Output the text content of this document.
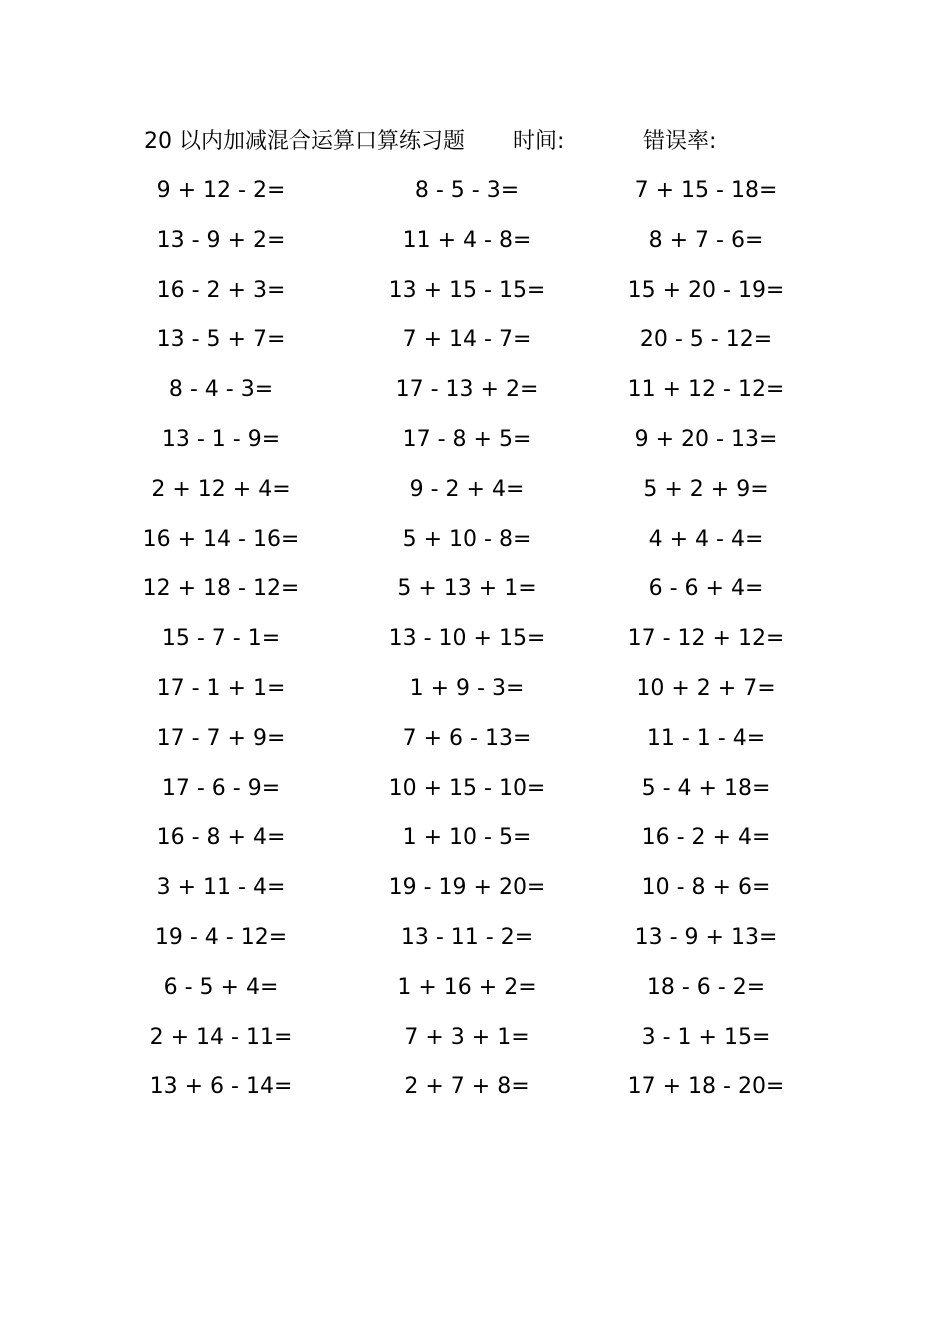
20 以内加减混合运算口算练习题 时间:	错误率:
9 + 12 - 2=	8 - 5 - 3=	7 + 15 - 18=
13 - 9 + 2=	11 + 4 - 8=	8 + 7 - 6=
16 - 2 + 3=	13 + 15 - 15=	15 + 20 - 19=
13 - 5 + 7=	7 + 14 - 7=	20 - 5 - 12=
8 - 4 - 3=	17 - 13 + 2=	11 + 12 - 12=
13 - 1 - 9=	17 - 8 + 5=	9 + 20 - 13=
2 + 12 + 4=	9 - 2 + 4=	5 + 2 + 9=
16 + 14 - 16=	5 + 10 - 8=	4 + 4 - 4=
12 + 18 - 12=	5 + 13 + 1=	6 - 6 + 4=
15 - 7 - 1=	13 - 10 + 15=	17 - 12 + 12=
17 - 1 + 1=	1 + 9 - 3=	10 + 2 + 7=
17 - 7 + 9=	7 + 6 - 13=	11 - 1 - 4=
17 - 6 - 9=	10 + 15 - 10=	5 - 4 + 18=
16 - 8 + 4=	1 + 10 - 5=	16 - 2 + 4=
3 + 11 - 4=	19 - 19 + 20=	10 - 8 + 6=
19 - 4 - 12=	13 - 11 - 2=	13 - 9 + 13=
6 - 5 + 4=	1 + 16 + 2=	18 - 6 - 2=
2 + 14 - 11=	7 + 3 + 1=	3 - 1 + 15=
13 + 6 - 14=	2 + 7 + 8=	17 + 18 - 20=
